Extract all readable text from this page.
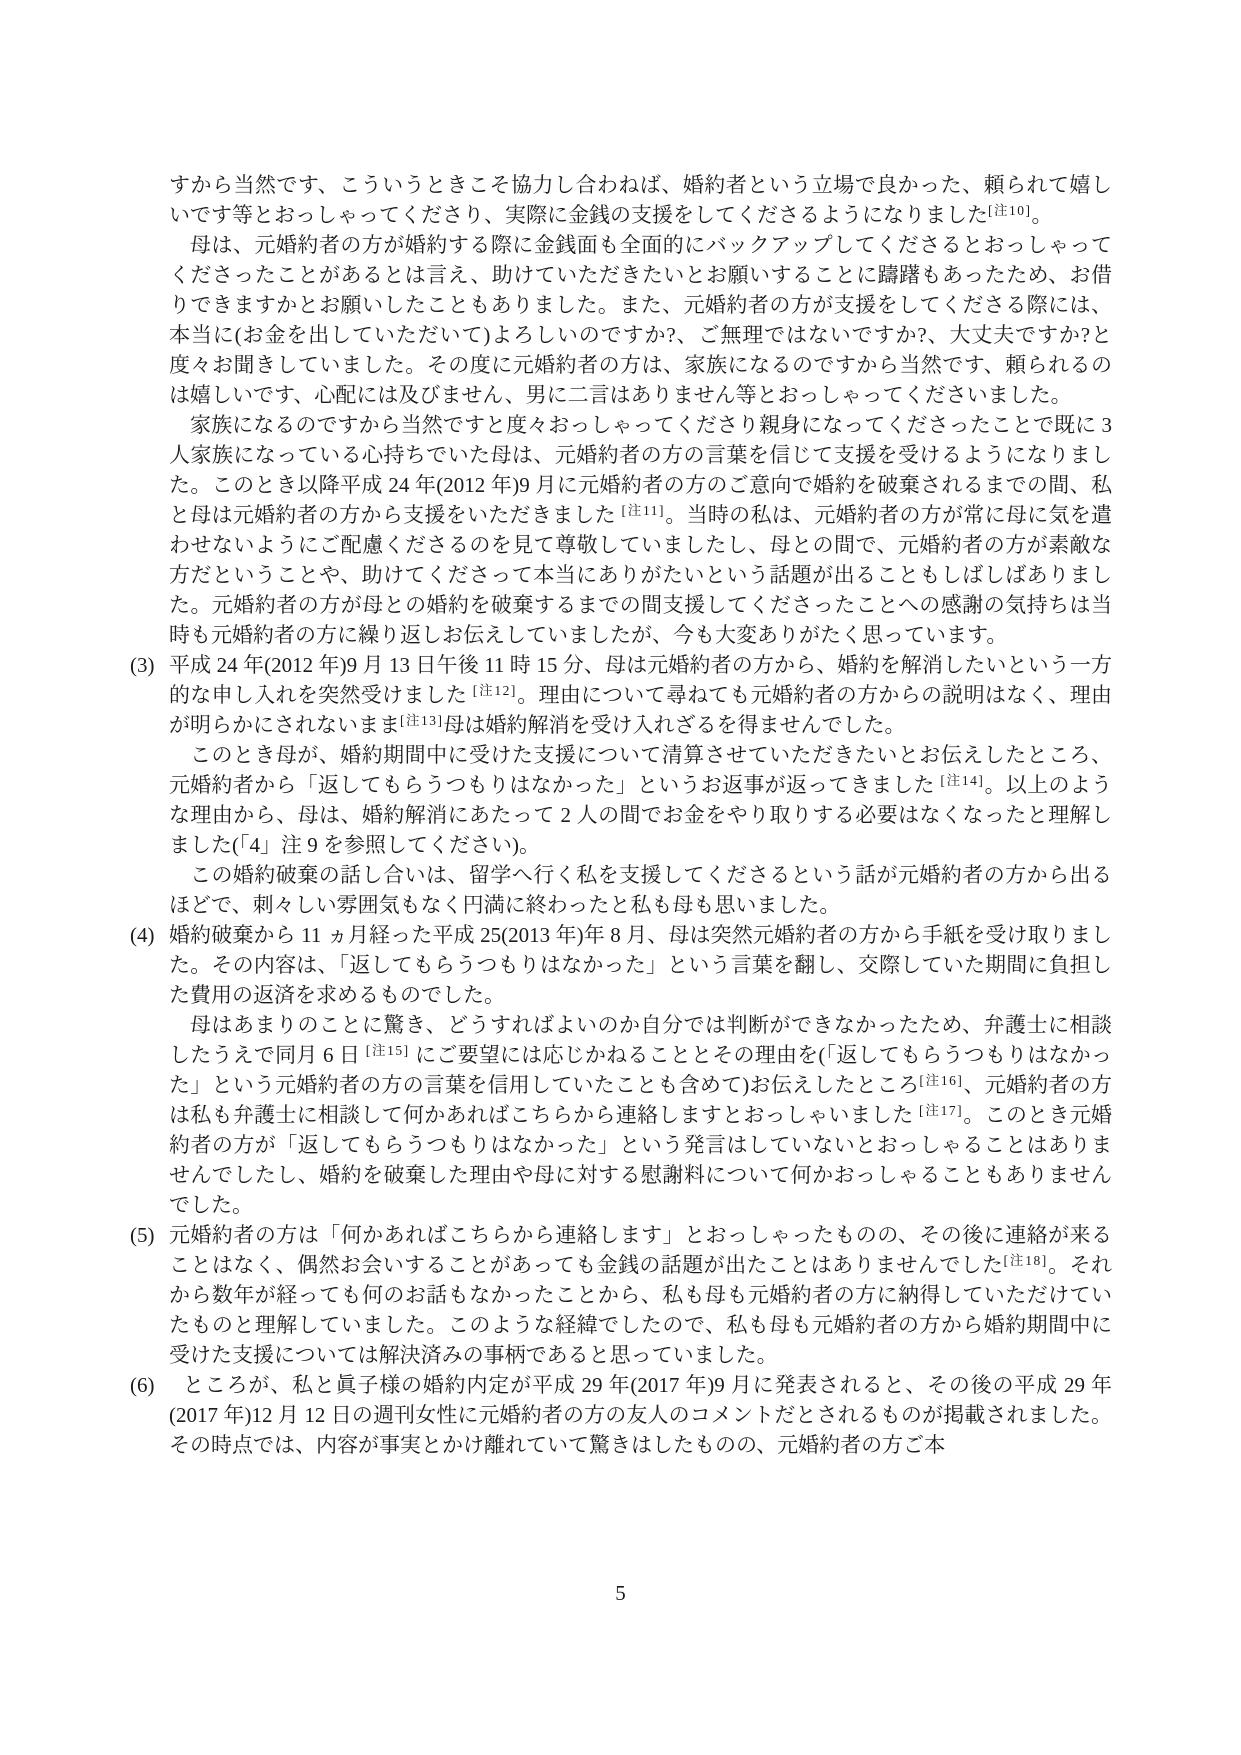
すから当然です、こういうときこそ協力し合わねば、婚約者という立場で良かった、頼られて嬉しいです等とおっしゃってくださり、実際に金銭の支援をしてくださるようになりました[注10]。

母は、元婚約者の方が婚約する際に金銭面も全面的にバックアップしてくださるとおっしゃってくださったことがあるとは言え、助けていただきたいとお願いすることに躊躇もあったため、お借りできますかとお願いしたこともありました。また、元婚約者の方が支援をしてくださる際には、本当に(お金を出していただいて)よろしいのですか?、ご無理ではないですか?、大丈夫ですか?と度々お聞きしていました。その度に元婚約者の方は、家族になるのですから当然です、頼られるのは嬉しいです、心配には及びません、男に二言はありません等とおっしゃってくださいました。

家族になるのですから当然ですと度々おっしゃってくださり親身になってくださったことで既に 3 人家族になっている心持ちでいた母は、元婚約者の方の言葉を信じて支援を受けるようになりました。このとき以降平成 24 年(2012 年)9 月に元婚約者の方のご意向で婚約を破棄されるまでの間、私と母は元婚約者の方から支援をいただきました [注11]。当時の私は、元婚約者の方が常に母に気を遣わせないようにご配慮くださるのを見て尊敬していましたし、母との間で、元婚約者の方が素敵な方だということや、助けてくださって本当にありがたいという話題が出ることもしばしばありました。元婚約者の方が母との婚約を破棄するまでの間支援してくださったことへの感謝の気持ちは当時も元婚約者の方に繰り返しお伝えしていましたが、今も大変ありがたく思っています。

(3) 平成 24 年(2012 年)9 月 13 日午後 11 時 15 分、母は元婚約者の方から、婚約を解消したいという一方的な申し入れを突然受けました [注12]。理由について尋ねても元婚約者の方からの説明はなく、理由が明らかにされないまま[注13]母は婚約解消を受け入れざるを得ませんでした。

このとき母が、婚約期間中に受けた支援について清算させていただきたいとお伝えしたところ、元婚約者から「返してもらうつもりはなかった」というお返事が返ってきました [注14]。以上のような理由から、母は、婚約解消にあたって 2 人の間でお金をやり取りする必要はなくなったと理解しました(「4」注 9 を参照してください)。

この婚約破棄の話し合いは、留学へ行く私を支援してくださるという話が元婚約者の方から出るほどで、刺々しい雰囲気もなく円満に終わったと私も母も思いました。

(4) 婚約破棄から 11 ヵ月経った平成 25(2013 年)年 8 月、母は突然元婚約者の方から手紙を受け取りました。その内容は、「返してもらうつもりはなかった」という言葉を翻し、交際していた期間に負担した費用の返済を求めるものでした。

母はあまりのことに驚き、どうすればよいのか自分では判断ができなかったため、弁護士に相談したうえで同月 6 日 [注15] にご要望には応じかねることとその理由を(「返してもらうつもりはなかった」という元婚約者の方の言葉を信用していたことも含めて)お伝えしたところ[注16]、元婚約者の方は私も弁護士に相談して何かあればこちらから連絡しますとおっしゃいました [注17]。このとき元婚約者の方が「返してもらうつもりはなかった」という発言はしていないとおっしゃることはありませんでしたし、婚約を破棄した理由や母に対する慰謝料について何かおっしゃることもありませんでした。

(5) 元婚約者の方は「何かあればこちらから連絡します」とおっしゃったものの、その後に連絡が来ることはなく、偶然お会いすることがあっても金銭の話題が出たことはありませんでした[注18]。それから数年が経っても何のお話もなかったことから、私も母も元婚約者の方に納得していただけていたものと理解していました。このような経緯でしたので、私も母も元婚約者の方から婚約期間中に受けた支援については解決済みの事柄であると思っていました。

(6) ところが、私と眞子様の婚約内定が平成 29 年(2017 年)9 月に発表されると、その後の平成 29 年(2017 年)12 月 12 日の週刊女性に元婚約者の方の友人のコメントだとされるものが掲載されました。その時点では、内容が事実とかけ離れていて驚きはしたものの、元婚約者の方ご本

5
